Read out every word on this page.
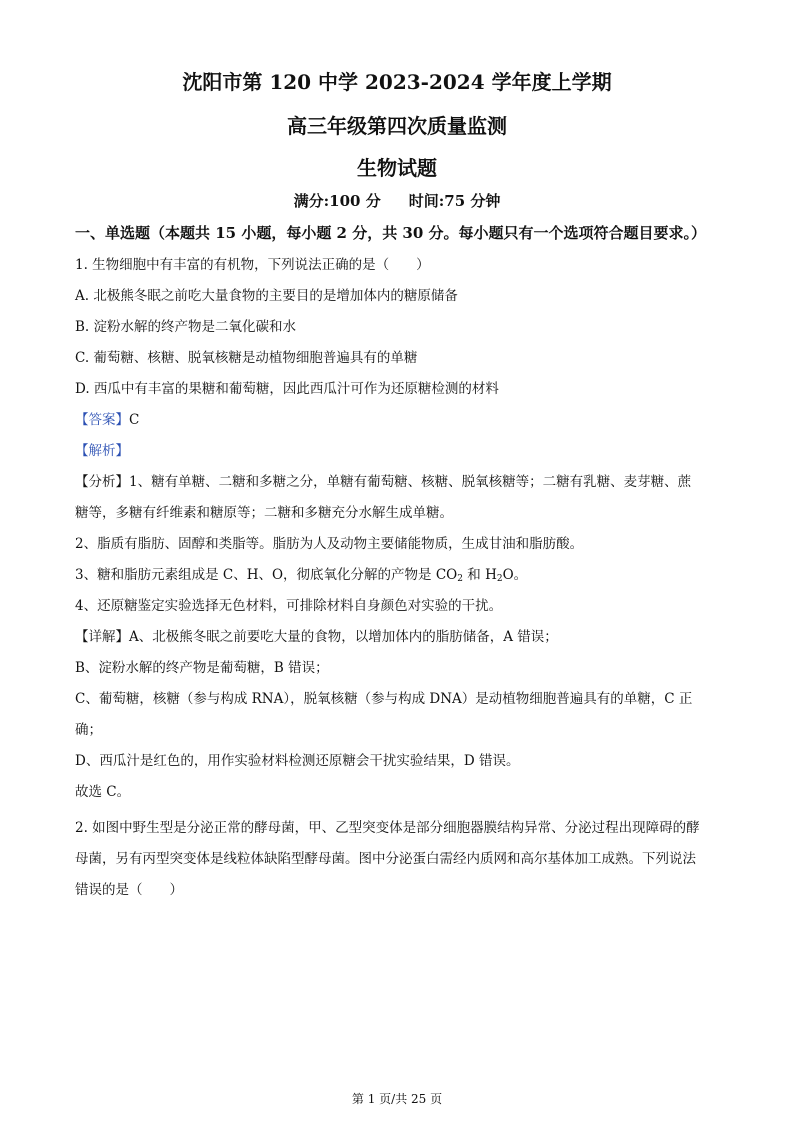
沈阳市第 120 中学 2023-2024 学年度上学期
高三年级第四次质量监测
生物试题
满分:100 分 时间:75 分钟
一、单选题（本题共 15 小题，每小题 2 分，共 30 分。每小题只有一个选项符合题目要求。）
1. 生物细胞中有丰富的有机物，下列说法正确的是（　　）
A. 北极熊冬眠之前吃大量食物的主要目的是增加体内的糖原储备
B. 淀粉水解的终产物是二氧化碳和水
C. 葡萄糖、核糖、脱氧核糖是动植物细胞普遍具有的单糖
D. 西瓜中有丰富的果糖和葡萄糖，因此西瓜汁可作为还原糖检测的材料
【答案】C
【解析】
【分析】1、糖有单糖、二糖和多糖之分，单糖有葡萄糖、核糖、脱氧核糖等；二糖有乳糖、麦芽糖、蔗
糖等，多糖有纤维素和糖原等；二糖和多糖充分水解生成单糖。
2、脂质有脂肪、固醇和类脂等。脂肪为人及动物主要储能物质，生成甘油和脂肪酸。
3、糖和脂肪元素组成是 C、H、O，彻底氧化分解的产物是 $CO_2$ 和 $H_2O$。
4、还原糖鉴定实验选择无色材料，可排除材料自身颜色对实验的干扰。
【详解】A、北极熊冬眠之前要吃大量的食物，以增加体内的脂肪储备，A 错误；
B、淀粉水解的终产物是葡萄糖，B 错误；
C、葡萄糖，核糖（参与构成 RNA），脱氧核糖（参与构成 DNA）是动植物细胞普遍具有的单糖，C 正
确；
D、西瓜汁是红色的，用作实验材料检测还原糖会干扰实验结果，D 错误。
故选 C。
2. 如图中野生型是分泌正常的酵母菌，甲、乙型突变体是部分细胞器膜结构异常、分泌过程出现障碍的酵
母菌，另有丙型突变体是线粒体缺陷型酵母菌。图中分泌蛋白需经内质网和高尔基体加工成熟。下列说法
错误的是（　　）
第 1 页/共 25 页
